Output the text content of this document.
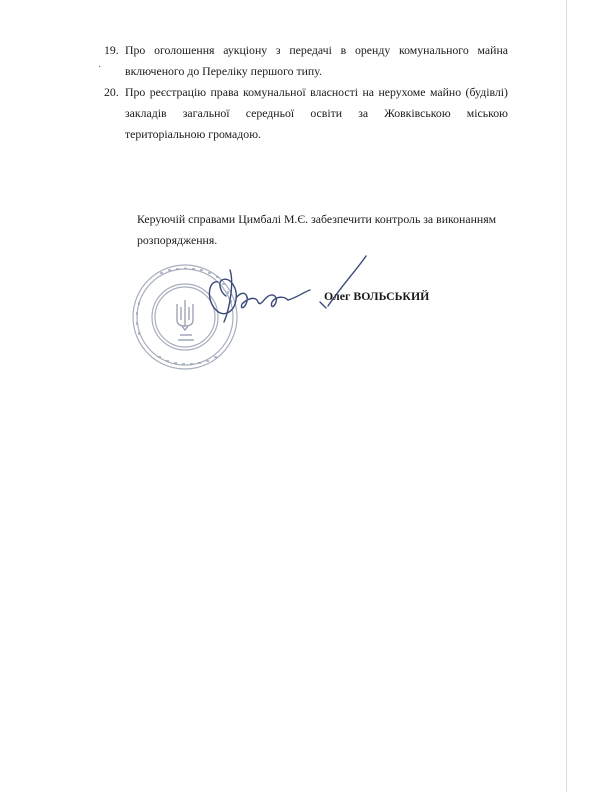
·
19. Про оголошення аукціону з передачі в оренду комунального майна
включеного до Переліку першого типу.
20. Про реєстрацію права комунальної власності на нерухоме майно (будівлі)
закладів загальної середньої освіти за Жовківською міською територіальною громадою.

Керуючій справами Цимбалі М.Є. забезпечити контроль за виконанням розпорядження.

Олег ВОЛЬСЬКИЙ
